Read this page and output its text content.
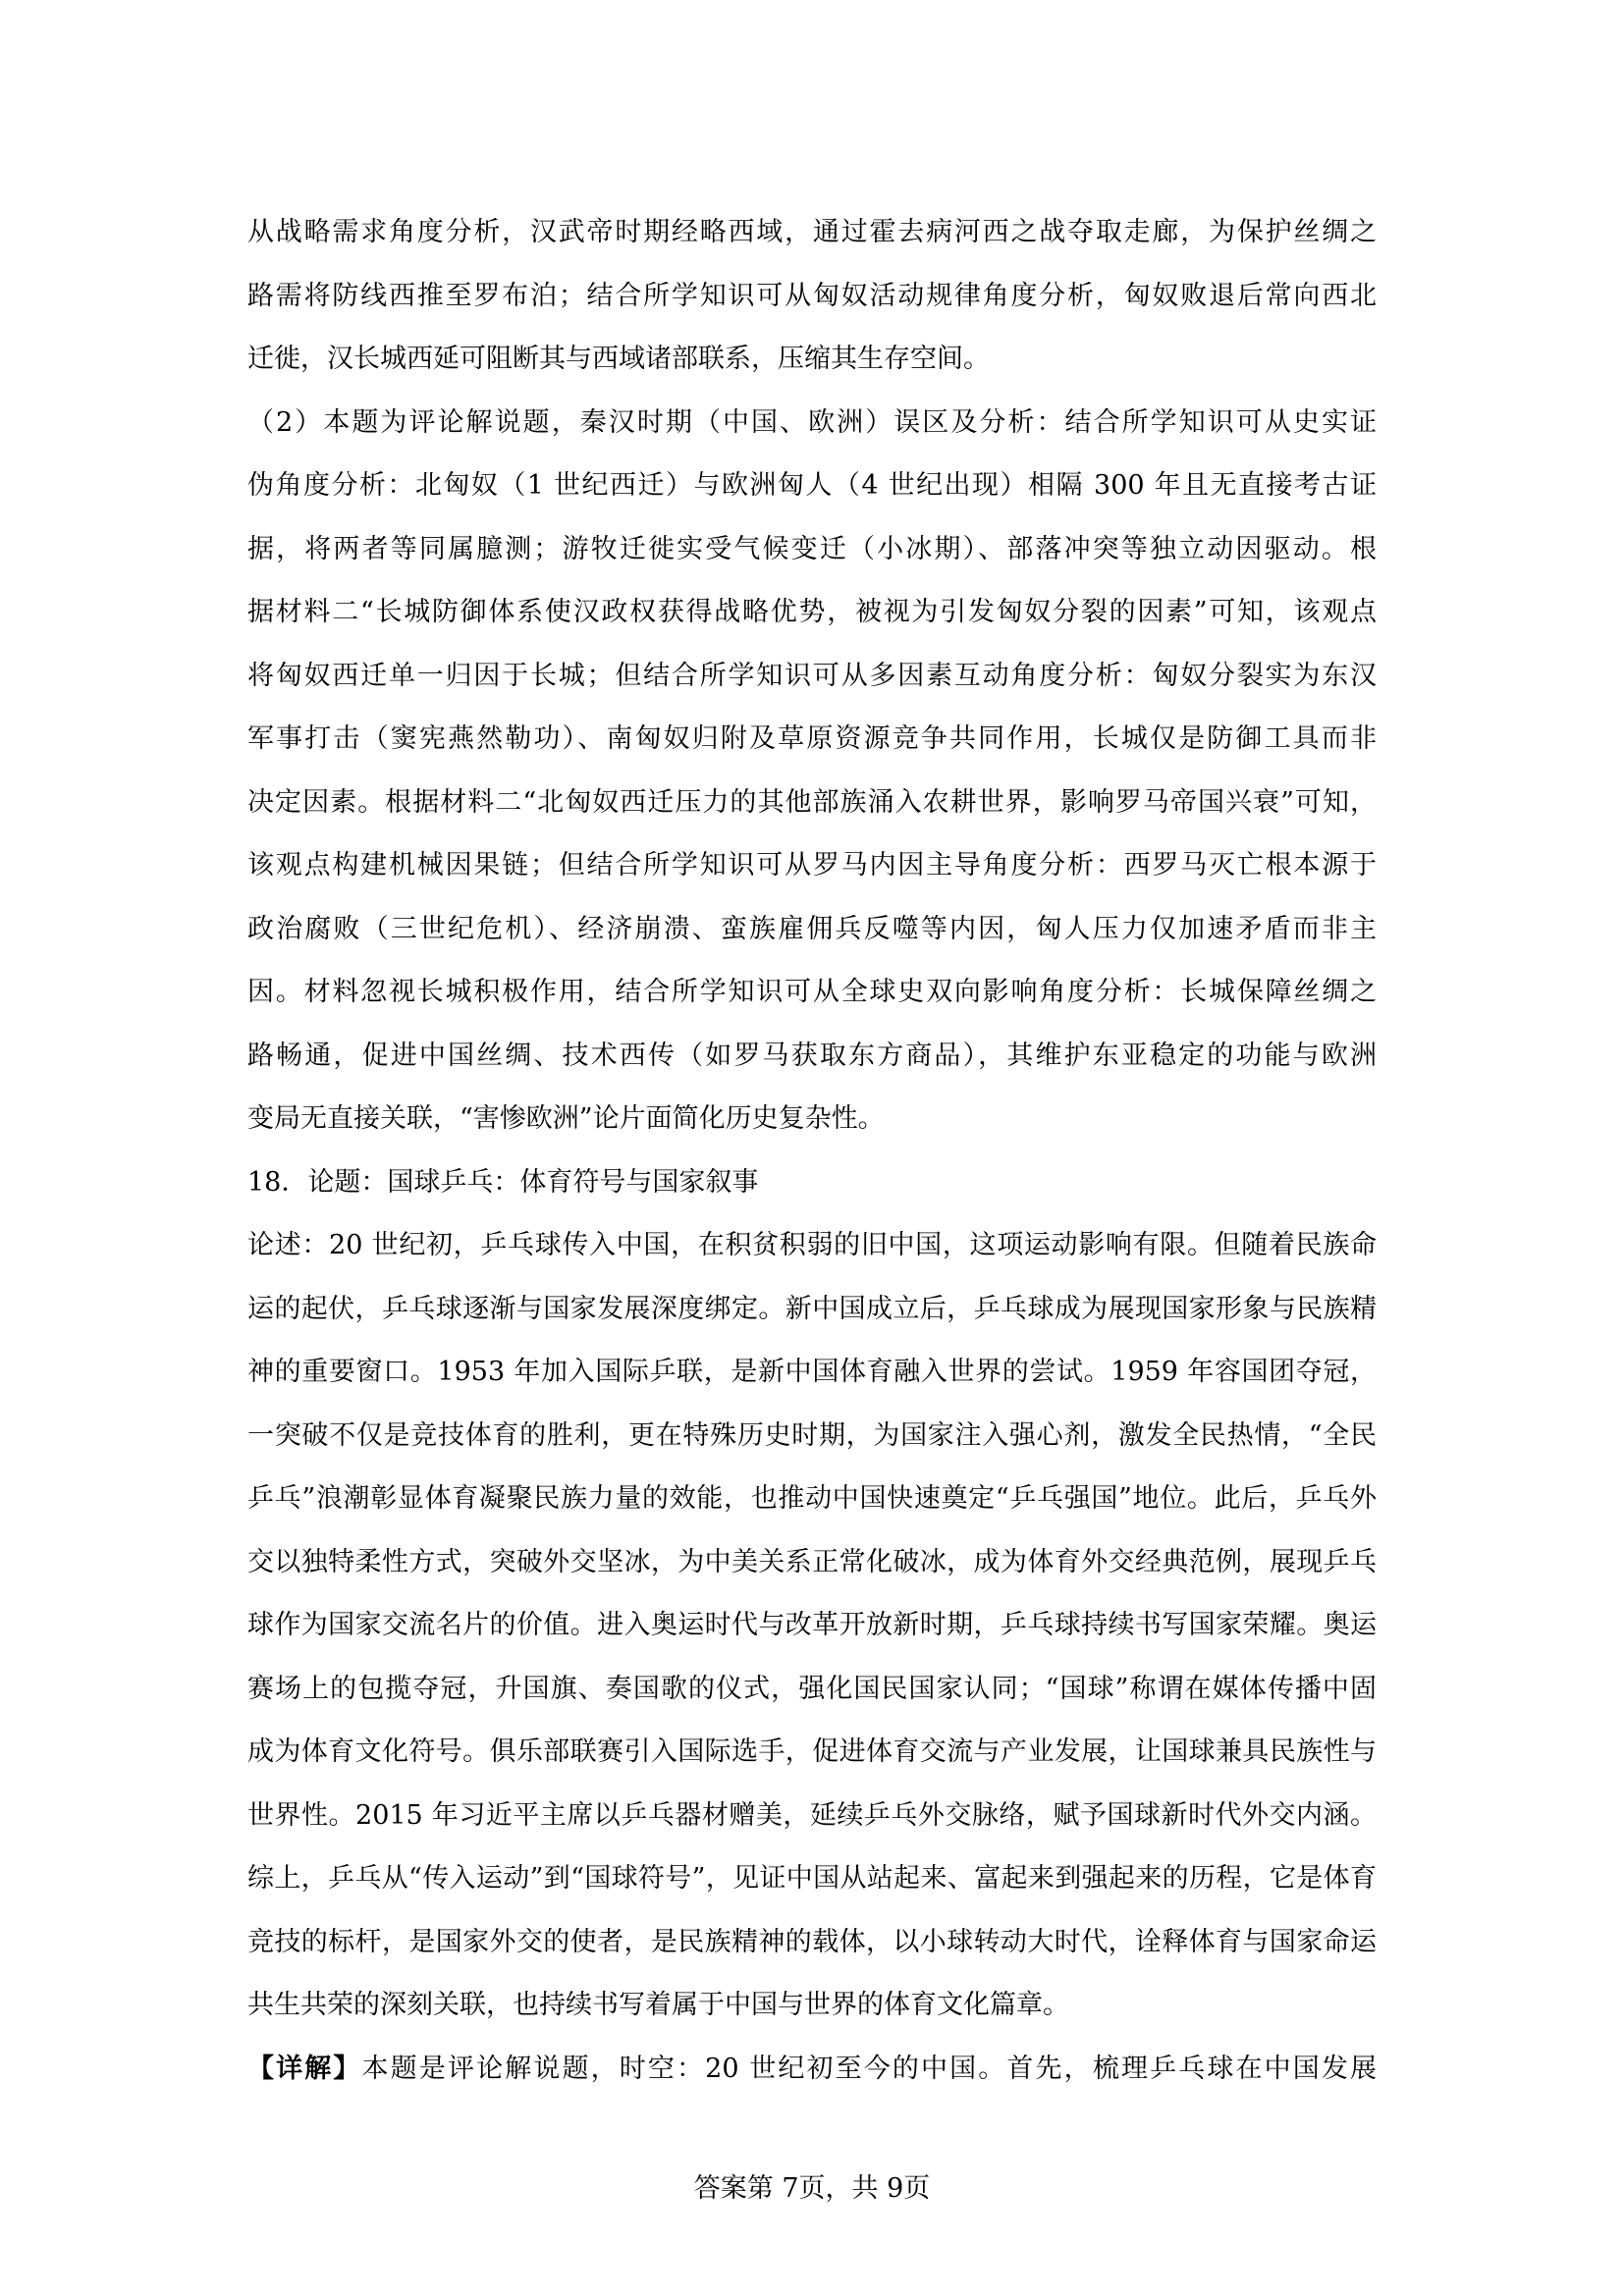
从战略需求角度分析，汉武帝时期经略西域，通过霍去病河西之战夺取走廊，为保护丝绸之
路需将防线西推至罗布泊；结合所学知识可从匈奴活动规律角度分析，匈奴败退后常向西北
迁徙，汉长城西延可阻断其与西域诸部联系，压缩其生存空间。
（2）本题为评论解说题，秦汉时期（中国、欧洲）误区及分析：结合所学知识可从史实证
伪角度分析：北匈奴（1 世纪西迁）与欧洲匈人（4 世纪出现）相隔 300 年且无直接考古证
据，将两者等同属臆测；游牧迁徙实受气候变迁（小冰期）、部落冲突等独立动因驱动。根
据材料二“长城防御体系使汉政权获得战略优势，被视为引发匈奴分裂的因素”可知，该观点
将匈奴西迁单一归因于长城；但结合所学知识可从多因素互动角度分析：匈奴分裂实为东汉
军事打击（窦宪燕然勒功）、南匈奴归附及草原资源竞争共同作用，长城仅是防御工具而非
决定因素。根据材料二“北匈奴西迁压力的其他部族涌入农耕世界，影响罗马帝国兴衰”可知，
该观点构建机械因果链；但结合所学知识可从罗马内因主导角度分析：西罗马灭亡根本源于
政治腐败（三世纪危机）、经济崩溃、蛮族雇佣兵反噬等内因，匈人压力仅加速矛盾而非主
因。材料忽视长城积极作用，结合所学知识可从全球史双向影响角度分析：长城保障丝绸之
路畅通，促进中国丝绸、技术西传（如罗马获取东方商品），其维护东亚稳定的功能与欧洲
变局无直接关联，“害惨欧洲”论片面简化历史复杂性。
18．论题：国球乒乓：体育符号与国家叙事
论述：20 世纪初，乒乓球传入中国，在积贫积弱的旧中国，这项运动影响有限。但随着民族命
运的起伏，乒乓球逐渐与国家发展深度绑定。新中国成立后，乒乓球成为展现国家形象与民族精
神的重要窗口。1953 年加入国际乒联，是新中国体育融入世界的尝试。1959 年容国团夺冠，
一突破不仅是竞技体育的胜利，更在特殊历史时期，为国家注入强心剂，激发全民热情，“全民
乒乓”浪潮彰显体育凝聚民族力量的效能，也推动中国快速奠定“乒乓强国”地位。此后，乒乓外
交以独特柔性方式，突破外交坚冰，为中美关系正常化破冰，成为体育外交经典范例，展现乒乓
球作为国家交流名片的价值。进入奥运时代与改革开放新时期，乒乓球持续书写国家荣耀。奥运
赛场上的包揽夺冠，升国旗、奏国歌的仪式，强化国民国家认同；“国球”称谓在媒体传播中固
成为体育文化符号。俱乐部联赛引入国际选手，促进体育交流与产业发展，让国球兼具民族性与
世界性。2015 年习近平主席以乒乓器材赠美，延续乒乓外交脉络，赋予国球新时代外交内涵。
综上，乒乓从“传入运动”到“国球符号”，见证中国从站起来、富起来到强起来的历程，它是体育
竞技的标杆，是国家外交的使者，是民族精神的载体，以小球转动大时代，诠释体育与国家命运
共生共荣的深刻关联，也持续书写着属于中国与世界的体育文化篇章。
【详解】本题是评论解说题，时空：20 世纪初至今的中国。首先，梳理乒乓球在中国发展
答案第 7页，共 9页
